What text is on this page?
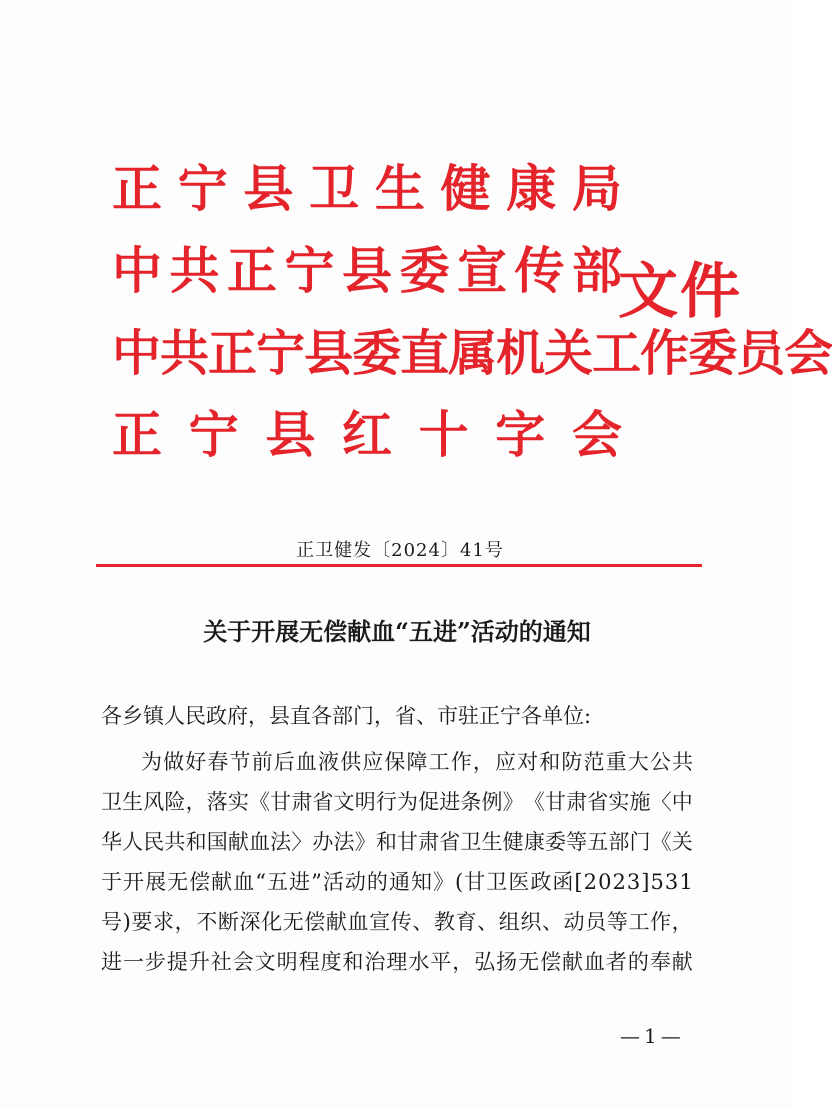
正 宁 县 卫 生 健 康 局
中 共 正 宁 县 委 宣 传 部
中 共 正 宁 县 委 直 属 机 关 工 作 委 员 会
正 宁 县 红 十 字 会
文件
正卫健发〔2024〕41号
关于开展无偿献血“五进”活动的通知
各乡镇人民政府，县直各部门，省、市驻正宁各单位:
为 做 好 春 节 前 后 血 液 供 应 保 障 工 作 ， 应 对 和 防 范 重 大 公 共
卫 生 风 险 ， 落 实 《 甘 肃 省 文 明 行 为 促 进 条 例 》 《 甘 肃 省 实 施 〈 中
华 人 民 共 和 国 献 血 法 〉 办 法 》 和 甘 肃 省 卫 生 健 康 委 等 五 部 门 《 关
于 开 展 无 偿 献 血 “ 五 进 ” 活 动 的 通 知 》 ( 甘 卫 医 政 函 [ 2 0 2 3 ] 5 3 1
号 ) 要 求 ， 不 断 深 化 无 偿 献 血 宣 传 、 教 育 、 组 织 、 动 员 等 工 作 ，
进 一 步 提 升 社 会 文 明 程 度 和 治 理 水 平 ， 弘 扬 无 偿 献 血 者 的 奉 献
—1—
